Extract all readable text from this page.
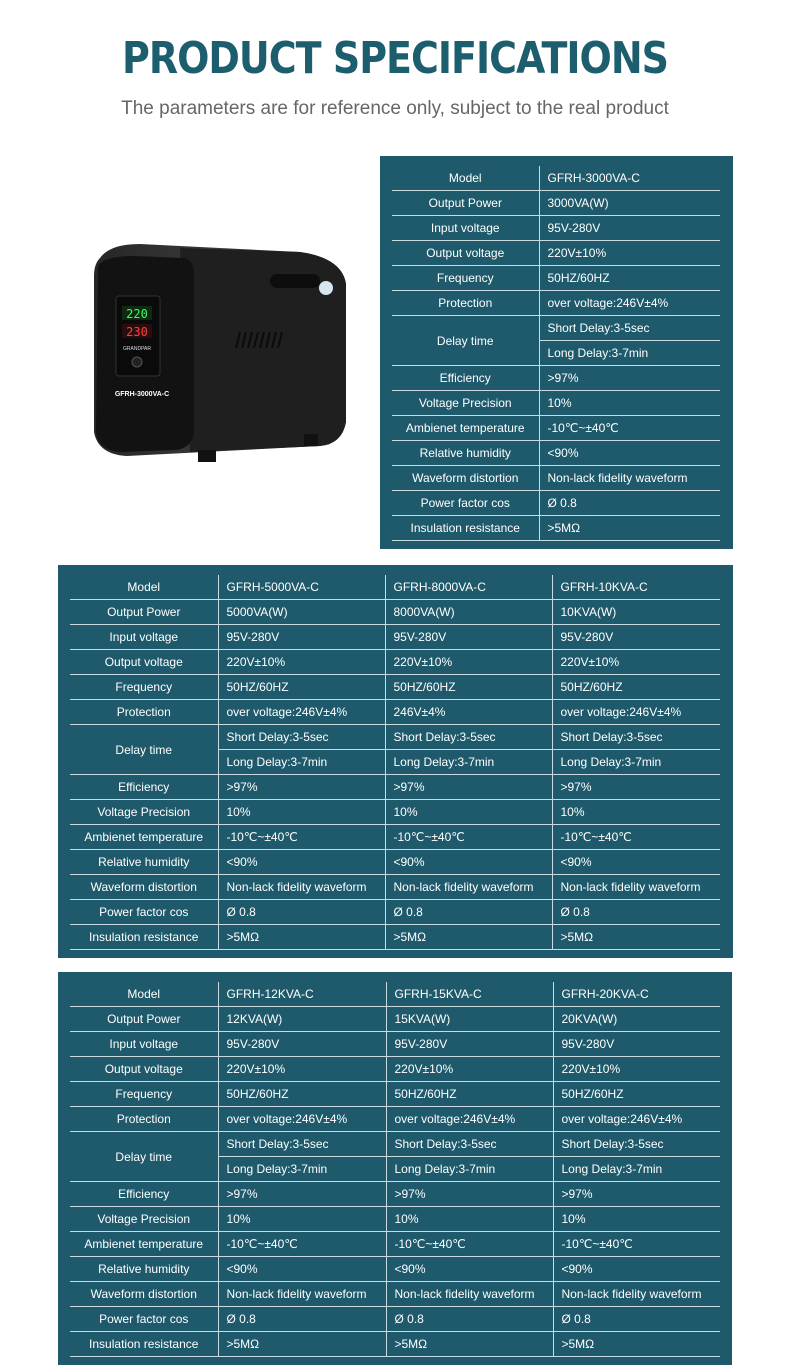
PRODUCT SPECIFICATIONS
The parameters are for reference only, subject to the real product
220
230
GRANDPAR
GFRH-3000VA-C
Model	GFRH-3000VA-C
Output Power	3000VA(W)
Input voltage	95V-280V
Output voltage	220V±10%
Frequency	50HZ/60HZ
Protection	over voltage:246V±4%
Delay time	Short Delay:3-5sec
	Long Delay:3-7min
Efficiency	>97%
Voltage Precision	10%
Ambienet temperature	-10℃~±40℃
Relative humidity	<90%
Waveform distortion	Non-lack fidelity waveform
Power factor cos	Ø 0.8
Insulation resistance	>5MΩ
Model	GFRH-5000VA-C	GFRH-8000VA-C	GFRH-10KVA-C
Output Power	5000VA(W)	8000VA(W)	10KVA(W)
Input voltage	95V-280V	95V-280V	95V-280V
Output voltage	220V±10%	220V±10%	220V±10%
Frequency	50HZ/60HZ	50HZ/60HZ	50HZ/60HZ
Protection	over voltage:246V±4%	246V±4%	over voltage:246V±4%
Delay time	Short Delay:3-5sec	Short Delay:3-5sec	Short Delay:3-5sec
	Long Delay:3-7min	Long Delay:3-7min	Long Delay:3-7min
Efficiency	>97%	>97%	>97%
Voltage Precision	10%	10%	10%
Ambienet temperature	-10℃~±40℃	-10℃~±40℃	-10℃~±40℃
Relative humidity	<90%	<90%	<90%
Waveform distortion	Non-lack fidelity waveform	Non-lack fidelity waveform	Non-lack fidelity waveform
Power factor cos	Ø 0.8	Ø 0.8	Ø 0.8
Insulation resistance	>5MΩ	>5MΩ	>5MΩ
Model	GFRH-12KVA-C	GFRH-15KVA-C	GFRH-20KVA-C
Output Power	12KVA(W)	15KVA(W)	20KVA(W)
Input voltage	95V-280V	95V-280V	95V-280V
Output voltage	220V±10%	220V±10%	220V±10%
Frequency	50HZ/60HZ	50HZ/60HZ	50HZ/60HZ
Protection	over voltage:246V±4%	over voltage:246V±4%	over voltage:246V±4%
Delay time	Short Delay:3-5sec	Short Delay:3-5sec	Short Delay:3-5sec
	Long Delay:3-7min	Long Delay:3-7min	Long Delay:3-7min
Efficiency	>97%	>97%	>97%
Voltage Precision	10%	10%	10%
Ambienet temperature	-10℃~±40℃	-10℃~±40℃	-10℃~±40℃
Relative humidity	<90%	<90%	<90%
Waveform distortion	Non-lack fidelity waveform	Non-lack fidelity waveform	Non-lack fidelity waveform
Power factor cos	Ø 0.8	Ø 0.8	Ø 0.8
Insulation resistance	>5MΩ	>5MΩ	>5MΩ
